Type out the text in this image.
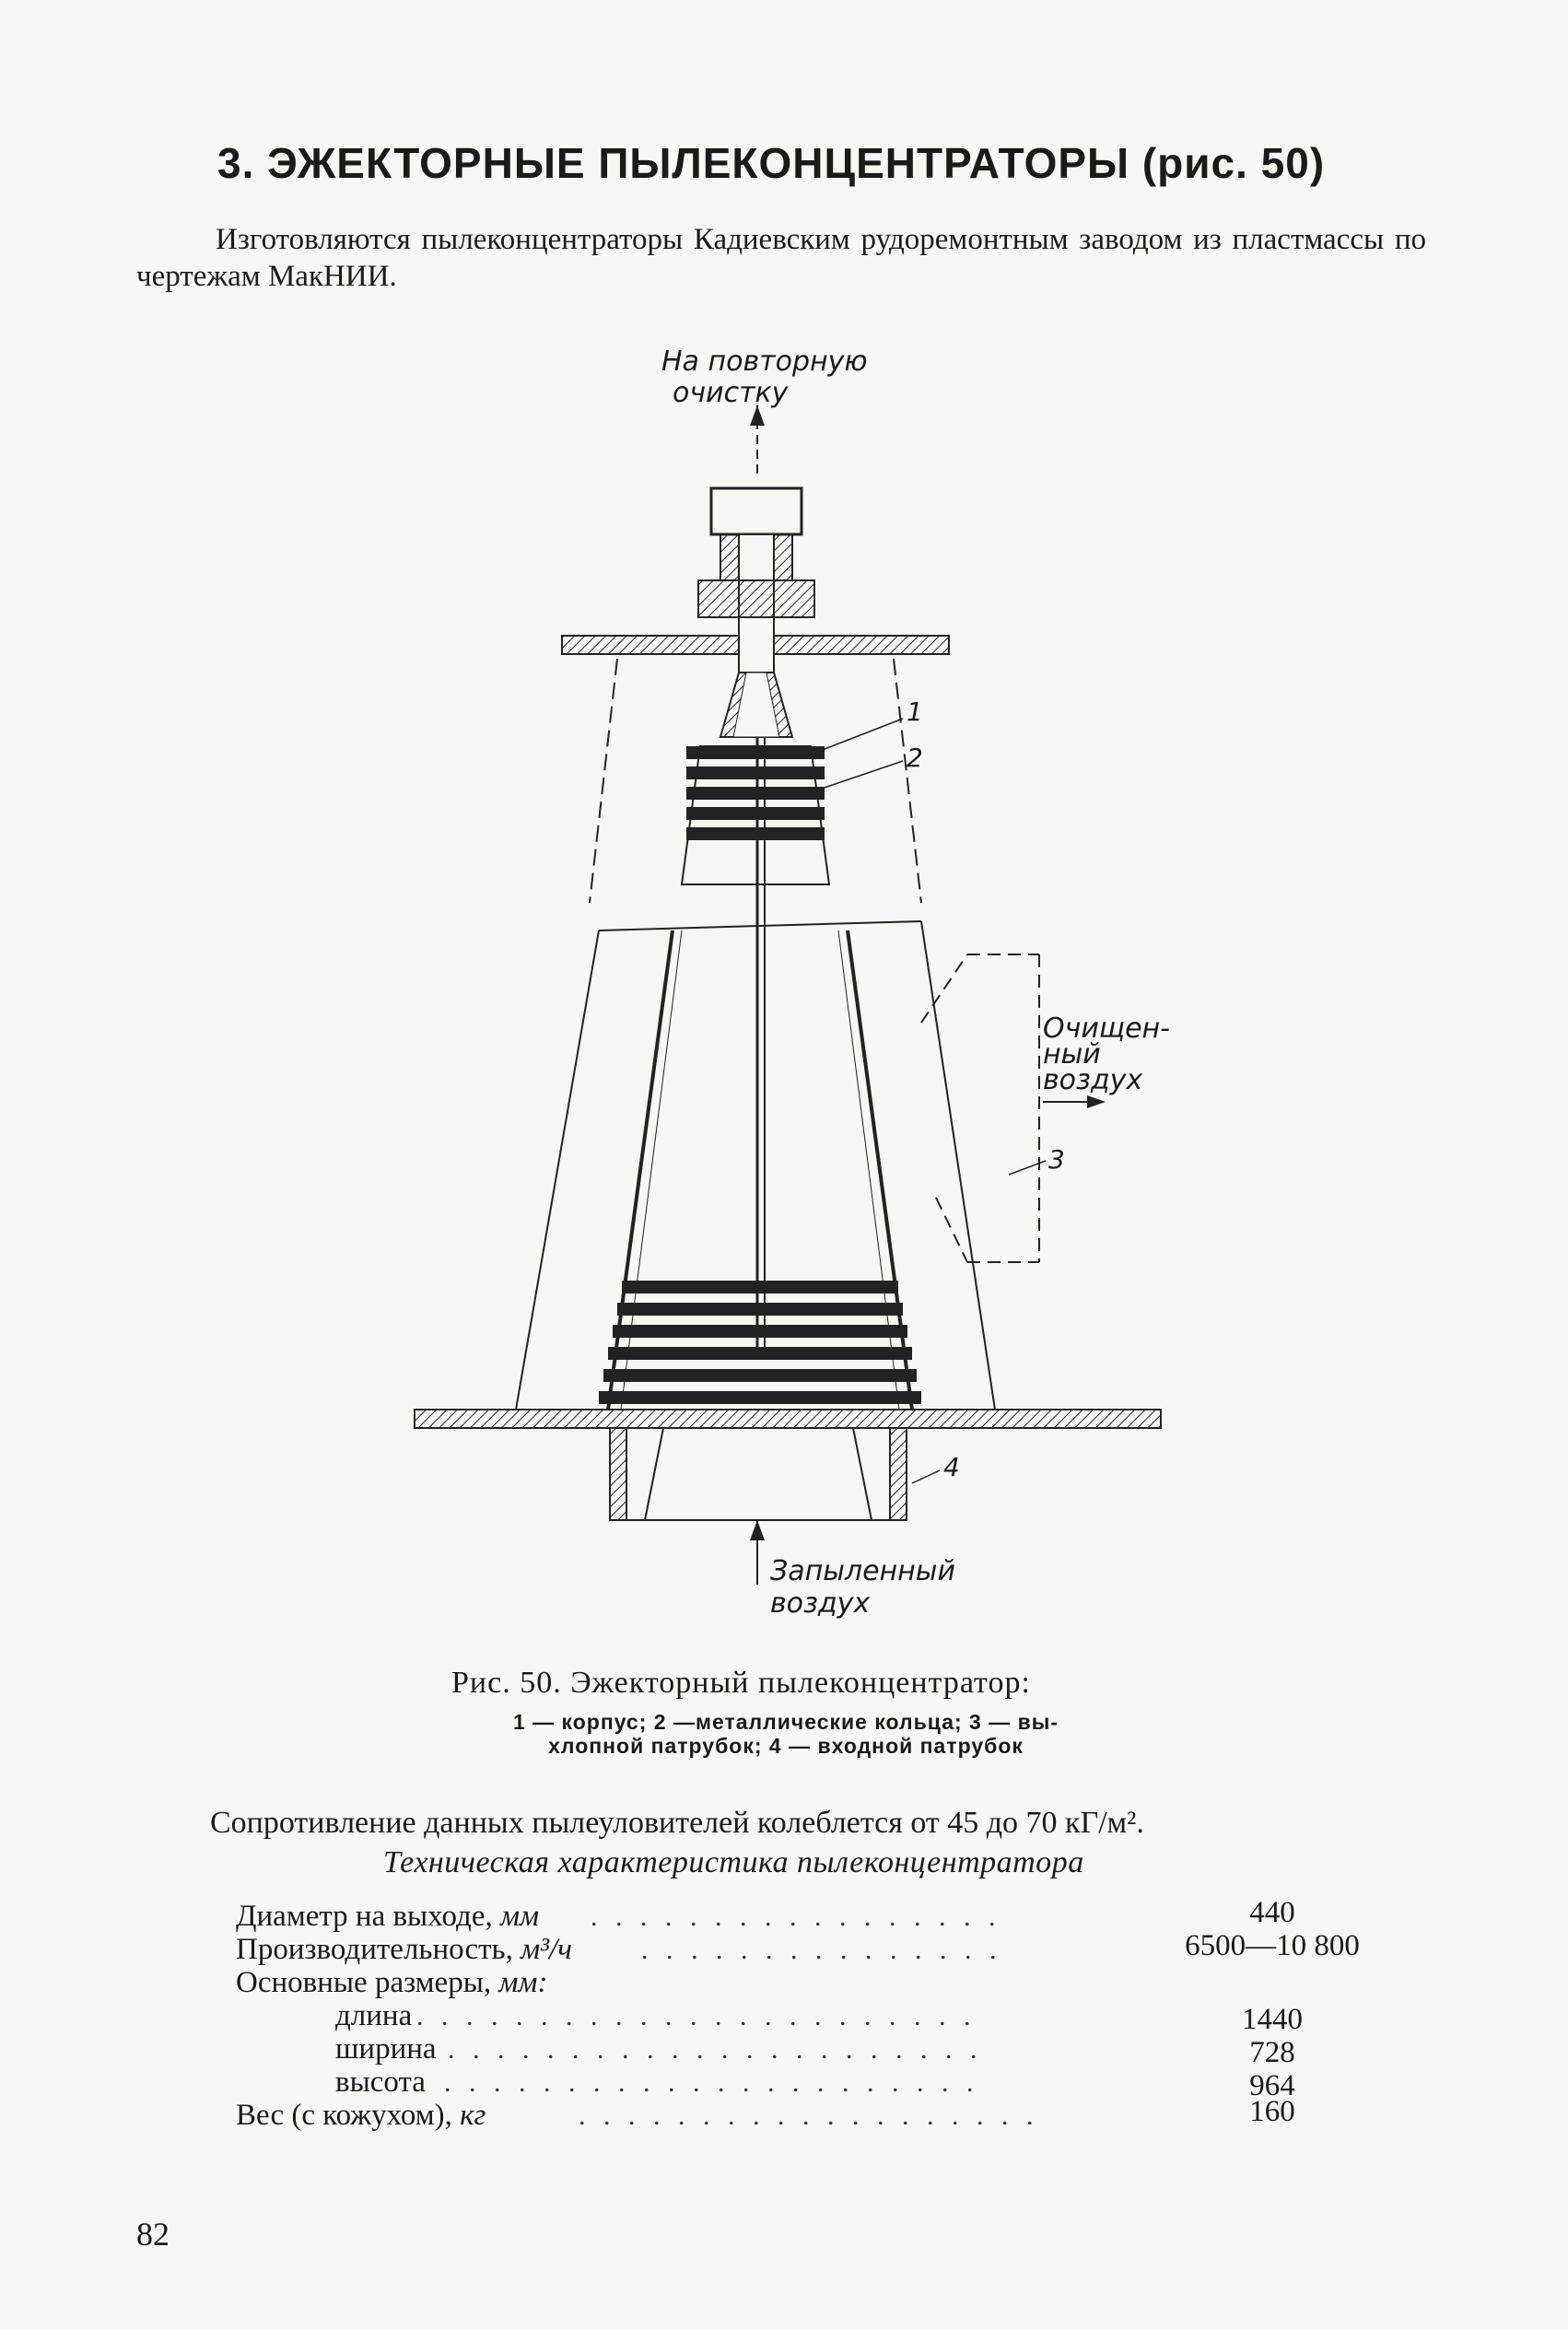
3. ЭЖЕКТОРНЫЕ ПЫЛЕКОНЦЕНТРАТОРЫ (рис. 50)

Изготовляются пылеконцентраторы Кадиевским рудоремонтным заводом из пластмассы по чертежам МакНИИ.

На повторную
очистку
Запыленный
воздух
Очищен-
ный
воздух
1
2
3
4

Рис. 50. Эжекторный пылеконцентратор:

1 — корпус; 2 —металлические кольца; 3 — вы-
хлопной патрубок; 4 — входной патрубок

Сопротивление данных пылеуловителей колеблется от 45 до 70 кГ/м².

Техническая характеристика пылеконцентратора

Диаметр на выходе, мм . . . . . . . . . . . . . . . . .	440
Производительность, м³/ч	. . . . . . . . . . . . . . .	6500—10 800
Основные размеры, мм:
длина . . . . . . . . . . . . . . . . . . . . . . .	1440
ширина . . . . . . . . . . . . . . . . . . . . . .	728
высота . . . . . . . . . . . . . . . . . . . . . .	964
Вес (с кожухом), кг	. . . . . . . . . . . . . . . . . . .	160
82
